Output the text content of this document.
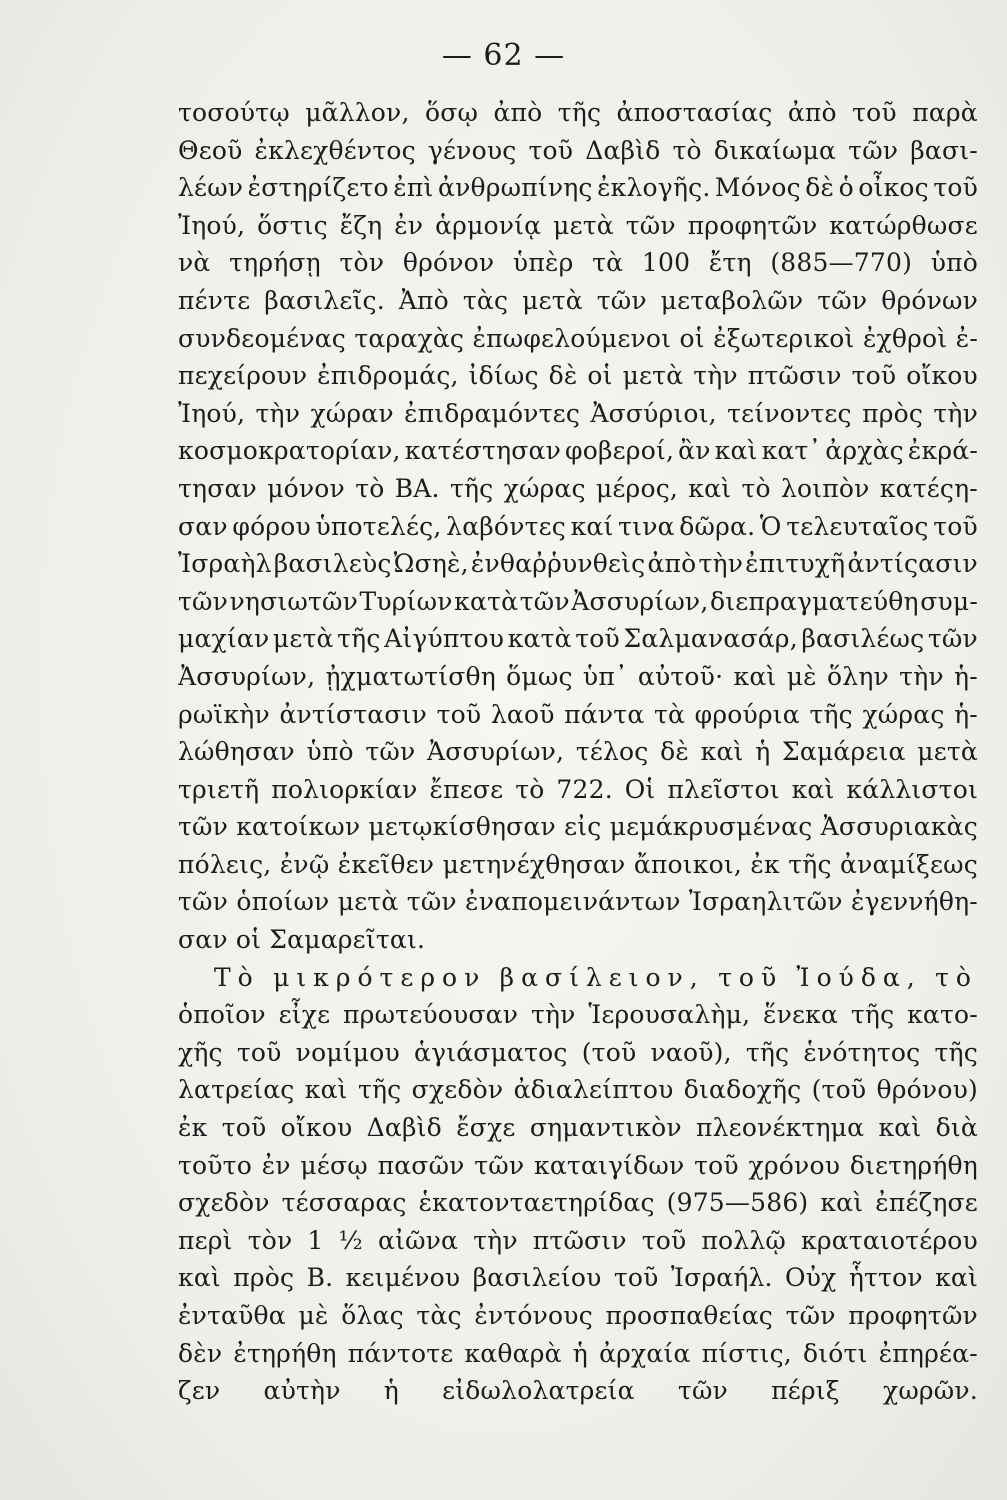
— 62 —
τοσούτῳ μᾶλλον, ὅσῳ ἀπὸ τῆς ἀποστασίας ἀπὸ τοῦ παρὰ
Θεοῦ ἐκλεχθέντος γένους τοῦ Δαβὶδ τὸ δικαίωμα τῶν βασι-
λέων ἐστηρίζετο ἐπὶ ἀνθρωπίνης ἐκλογῆς. Μόνος δὲ ὁ οἶκος τοῦ
Ἰηού, ὅστις ἔζη ἐν ἁρμονίᾳ μετὰ τῶν προφητῶν κατώρθωσε
νὰ τηρήσῃ τὸν θρόνον ὑπὲρ τὰ 100 ἔτη (885—770) ὑπὸ
πέντε βασιλεῖς. Ἀπὸ τὰς μετὰ τῶν μεταβολῶν τῶν θρόνων
συνδεομένας ταραχὰς ἐπωφελούμενοι οἱ ἐξωτερικοὶ ἐχθροὶ ἐ-
πεχείρουν ἐπιδρομάς, ἰδίως δὲ οἱ μετὰ τὴν πτῶσιν τοῦ οἴκου
Ἰηού, τὴν χώραν ἐπιδραμόντες Ἀσσύριοι, τείνοντες πρὸς τὴν
κοσμοκρατορίαν, κατέστησαν φοβεροί, ἂν καὶ κατ᾽ ἀρχὰς ἐκρά-
τησαν μόνον τὸ ΒΑ. τῆς χώρας μέρος, καὶ τὸ λοιπὸν κατέςη-
σαν φόρου ὑποτελές, λαβόντες καί τινα δῶρα. Ὁ τελευταῖος τοῦ
Ἰσραὴλ βασιλεὺς Ὠσηὲ, ἐνθαῤῥυνθεὶς ἀπὸ τὴν ἐπιτυχῆ ἀντίςασιν
τῶν νησιωτῶν Τυρίων κατὰ τῶν Ἀσσυρίων, διεπραγματεύθη συμ-
μαχίαν μετὰ τῆς Αἰγύπτου κατὰ τοῦ Σαλμανασάρ, βασιλέως τῶν
Ἀσσυρίων, ᾐχματωτίσθη ὅμως ὑπ᾽ αὐτοῦ· καὶ μὲ ὅλην τὴν ἡ-
ρωϊκὴν ἀντίστασιν τοῦ λαοῦ πάντα τὰ φρούρια τῆς χώρας ἡ-
λώθησαν ὑπὸ τῶν Ἀσσυρίων, τέλος δὲ καὶ ἡ Σαμάρεια μετὰ
τριετῆ πολιορκίαν ἔπεσε τὸ 722. Οἱ πλεῖστοι καὶ κάλλιστοι
τῶν κατοίκων μετῳκίσθησαν εἰς μεμάκρυσμένας Ἀσσυριακὰς
πόλεις, ἐνῷ ἐκεῖθεν μετηνέχθησαν ἄποικοι, ἐκ τῆς ἀναμίξεως
τῶν ὁποίων μετὰ τῶν ἐναπομεινάντων Ἰσραηλιτῶν ἐγεννήθη-
σαν οἱ Σαμαρεῖται.
Τὸ μικρότερον βασίλειον, τοῦ Ἰούδα, τὸ
ὁποῖον εἶχε πρωτεύουσαν τὴν Ἱερουσαλὴμ, ἕνεκα τῆς κατο-
χῆς τοῦ νομίμου ἁγιάσματος (τοῦ ναοῦ), τῆς ἑνότητος τῆς
λατρείας καὶ τῆς σχεδὸν ἀδιαλείπτου διαδοχῆς (τοῦ θρόνου)
ἐκ τοῦ οἴκου Δαβὶδ ἔσχε σημαντικὸν πλεονέκτημα καὶ διὰ
τοῦτο ἐν μέσῳ πασῶν τῶν καταιγίδων τοῦ χρόνου διετηρήθη
σχεδὸν τέσσαρας ἑκατονταετηρίδας (975—586) καὶ ἐπέζησε
περὶ τὸν 1 ½ αἰῶνα τὴν πτῶσιν τοῦ πολλῷ κραταιοτέρου
καὶ πρὸς Β. κειμένου βασιλείου τοῦ Ἰσραήλ. Οὐχ ἧττον καὶ
ἐνταῦθα μὲ ὅλας τὰς ἐντόνους προσπαθείας τῶν προφητῶν
δὲν ἐτηρήθη πάντοτε καθαρὰ ἡ ἀρχαία πίστις, διότι ἐπηρέα-
ζεν αὐτὴν ἡ εἰδωλολατρεία τῶν πέριξ χωρῶν.
